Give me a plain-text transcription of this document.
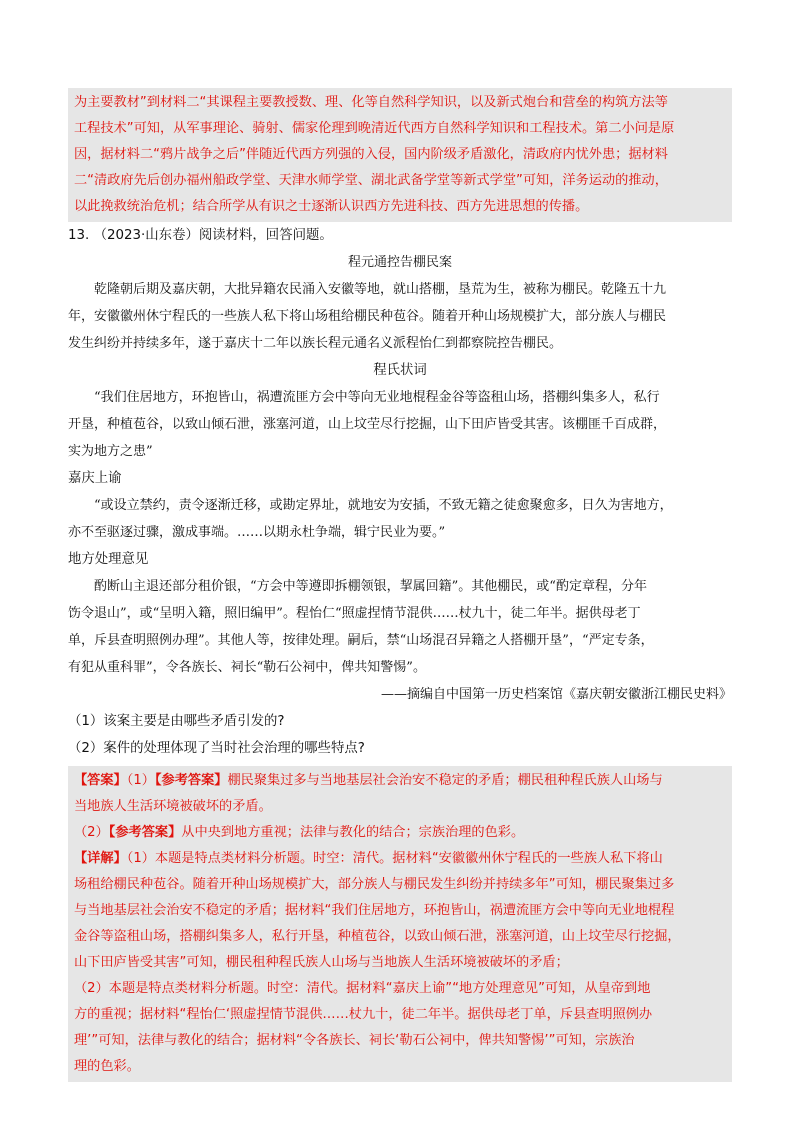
为主要教材”到材料二“其课程主要教授数、理、化等自然科学知识，以及新式炮台和营垒的构筑方法等

工程技术”可知，从军事理论、骑射、儒家伦理到晚清近代西方自然科学知识和工程技术。第二小问是原

因，据材料二“鸦片战争之后”伴随近代西方列强的入侵，国内阶级矛盾激化，清政府内忧外患；据材料

二“清政府先后创办福州船政学堂、天津水师学堂、湖北武备学堂等新式学堂”可知，洋务运动的推动，

以此挽救统治危机；结合所学从有识之士逐渐认识西方先进科技、西方先进思想的传播。

13. （2023·山东卷）阅读材料，回答问题。

程元通控告棚民案

乾隆朝后期及嘉庆朝，大批异籍农民涌入安徽等地，就山搭棚，垦荒为生，被称为棚民。乾隆五十九
年，安徽徽州休宁程氏的一些族人私下将山场租给棚民种苞谷。随着开种山场规模扩大，部分族人与棚民
发生纠纷并持续多年，遂于嘉庆十二年以族长程元通名义派程怡仁到都察院控告棚民。

程氏状词

“我们住居地方，环抱皆山，祸遭流匪方会中等向无业地棍程金谷等盗租山场，搭棚纠集多人，私行
开垦，种植苞谷，以致山倾石泄，涨塞河道，山上坟茔尽行挖掘，山下田庐皆受其害。该棚匪千百成群，
实为地方之患”

嘉庆上谕

“或设立禁约，责令逐渐迁移，或勘定界址，就地安为安插，不致无籍之徒愈聚愈多，日久为害地方，
亦不至驱逐过骤，激成事端。……以期永杜争端，辑宁民业为要。”

地方处理意见

酌断山主退还部分租价银，“方会中等遵即拆棚领银，挈属回籍”。其他棚民，或“酌定章程，分年
饬令退山”，或“呈明入籍，照旧编甲”。程怡仁“照虚捏情节混供……杖九十，徒二年半。据供母老丁
单，斥县查明照例办理”。其他人等，按律处理。嗣后，禁“山场混召异籍之人搭棚开垦”，“严定专条，
有犯从重科罪”，令各族长、祠长“勒石公祠中，俾共知警惕”。

——摘编自中国第一历史档案馆《嘉庆朝安徽浙江棚民史料》

（1）该案主要是由哪些矛盾引发的?

（2）案件的处理体现了当时社会治理的哪些特点?

【答案】（1）【参考答案】棚民聚集过多与当地基层社会治安不稳定的矛盾；棚民租种程氏族人山场与

当地族人生活环境被破坏的矛盾。

（2）【参考答案】从中央到地方重视；法律与教化的结合；宗族治理的色彩。

【详解】（1）本题是特点类材料分析题。时空：清代。据材料“安徽徽州休宁程氏的一些族人私下将山

场租给棚民种苞谷。随着开种山场规模扩大，部分族人与棚民发生纠纷并持续多年”可知，棚民聚集过多

与当地基层社会治安不稳定的矛盾；据材料“我们住居地方，环抱皆山，祸遭流匪方会中等向无业地棍程

金谷等盗租山场，搭棚纠集多人，私行开垦，种植苞谷，以致山倾石泄，涨塞河道，山上坟茔尽行挖掘，

山下田庐皆受其害”可知，棚民租种程氏族人山场与当地族人生活环境被破坏的矛盾；

（2）本题是特点类材料分析题。时空：清代。据材料“嘉庆上谕”“地方处理意见”可知，从皇帝到地

方的重视；据材料“程怡仁‘照虚捏情节混供……杖九十，徒二年半。据供母老丁单，斥县查明照例办

理’”可知，法律与教化的结合；据材料“令各族长、祠长‘勒石公祠中，俾共知警惕’”可知，宗族治

理的色彩。
